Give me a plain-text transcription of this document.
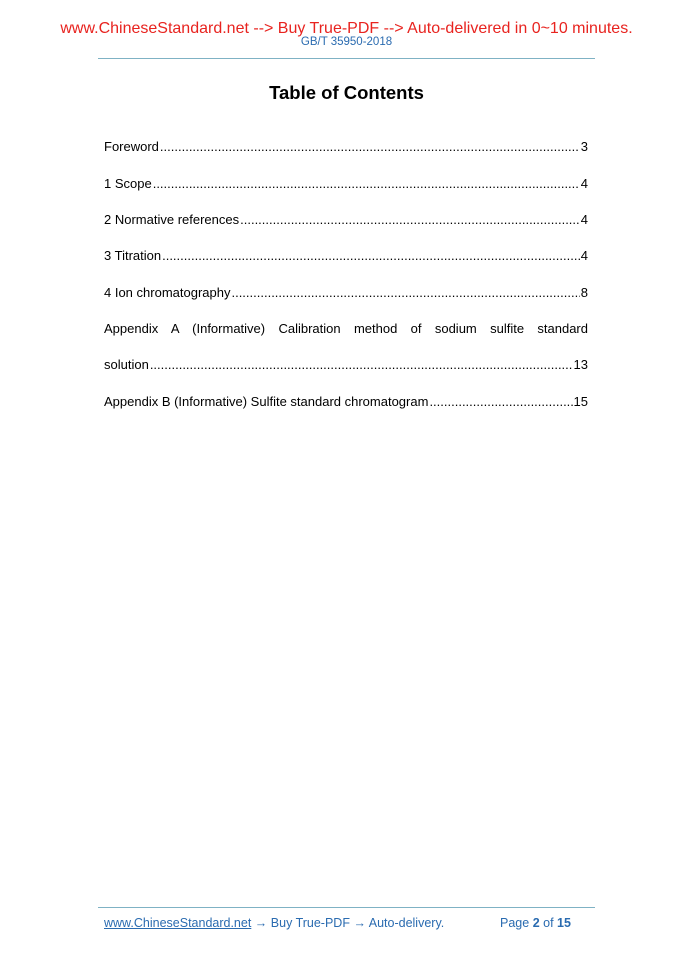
www.ChineseStandard.net --> Buy True-PDF --> Auto-delivered in 0~10 minutes.
GB/T 35950-2018
Table of Contents
Foreword .....	3
1 Scope .....	4
2 Normative references .....	4
3 Titration .....	4
4 Ion chromatography .....	8
Appendix A (Informative) Calibration method of sodium sulfite standard
solution .....	13
Appendix B (Informative) Sulfite standard chromatogram .....	15
www.ChineseStandard.net → Buy True-PDF → Auto-delivery.	Page 2 of 15
